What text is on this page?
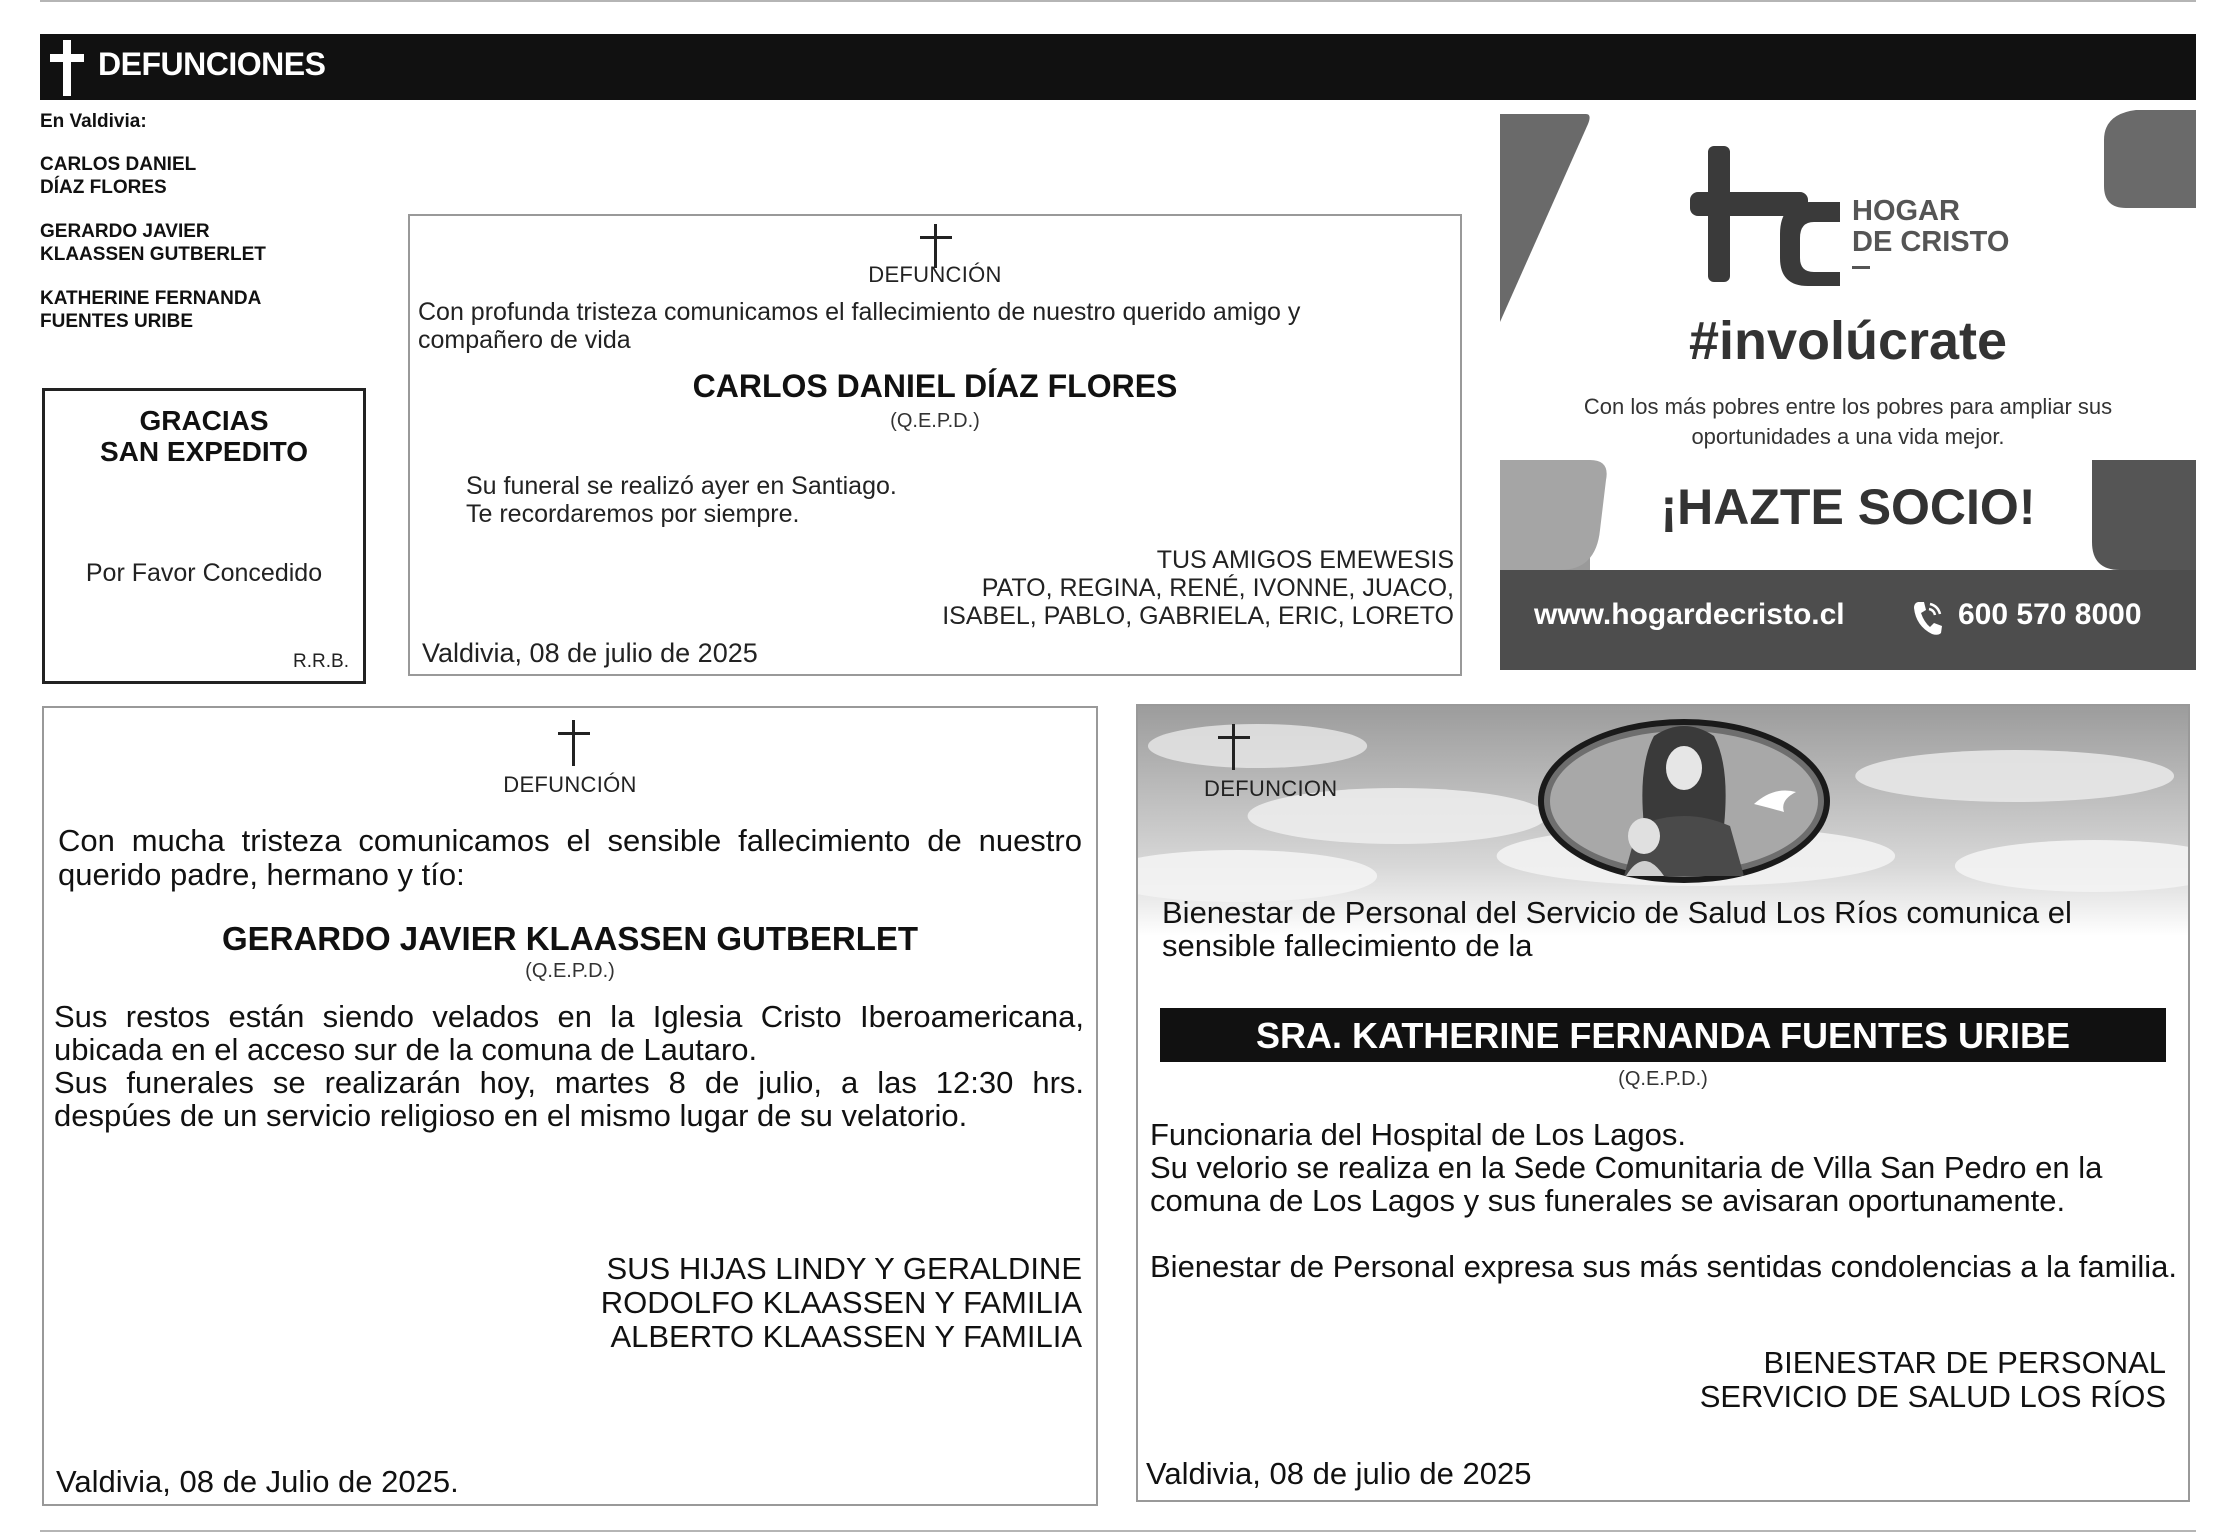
DEFUNCIONES
En Valdivia:
CARLOS DANIEL
DÍAZ FLORES
GERARDO JAVIER
KLAASSEN GUTBERLET
KATHERINE FERNANDA
FUENTES URIBE
GRACIAS
SAN EXPEDITO
Por Favor Concedido
R.R.B.
DEFUNCIÓN
Con profunda tristeza comunicamos el fallecimiento de nuestro querido amigo y compañero de vida
CARLOS DANIEL DÍAZ FLORES
(Q.E.P.D.)
Su funeral se realizó ayer en Santiago.
Te recordaremos por siempre.
TUS AMIGOS EMEWESIS
PATO, REGINA, RENÉ, IVONNE, JUACO,
ISABEL, PABLO, GABRIELA, ERIC, LORETO
Valdivia, 08 de julio de 2025
HOGAR
DE CRISTO
#involúcrate
Con los más pobres entre los pobres para ampliar sus oportunidades a una vida mejor.
¡HAZTE SOCIO!
www.hogardecristo.cl	600 570 8000
DEFUNCIÓN
Con mucha tristeza comunicamos el sensible fallecimiento de nuestro querido padre, hermano y tío:
GERARDO JAVIER KLAASSEN GUTBERLET
(Q.E.P.D.)

Sus restos están siendo velados en la Iglesia Cristo Iberoamericana, ubicada en el acceso sur de la comuna de Lautaro.

Sus funerales se realizarán hoy, martes 8 de julio, a las 12:30 hrs. despúes de un servicio religioso en el mismo lugar de su velatorio.

SUS HIJAS LINDY Y GERALDINE
RODOLFO KLAASSEN Y FAMILIA
ALBERTO KLAASSEN Y FAMILIA
Valdivia, 08 de Julio de 2025.
DEFUNCION
Bienestar de Personal del Servicio de Salud Los Ríos comunica el sensible fallecimiento de la
SRA. KATHERINE FERNANDA FUENTES URIBE
(Q.E.P.D.)

Funcionaria del Hospital de Los Lagos.

Su velorio se realiza en la Sede Comunitaria de Villa San Pedro en la comuna de Los Lagos y sus funerales se avisaran oportunamente.

Bienestar de Personal expresa sus más sentidas condolencias a la familia.

BIENESTAR DE PERSONAL
SERVICIO DE SALUD LOS RÍOS
Valdivia, 08 de julio de 2025
